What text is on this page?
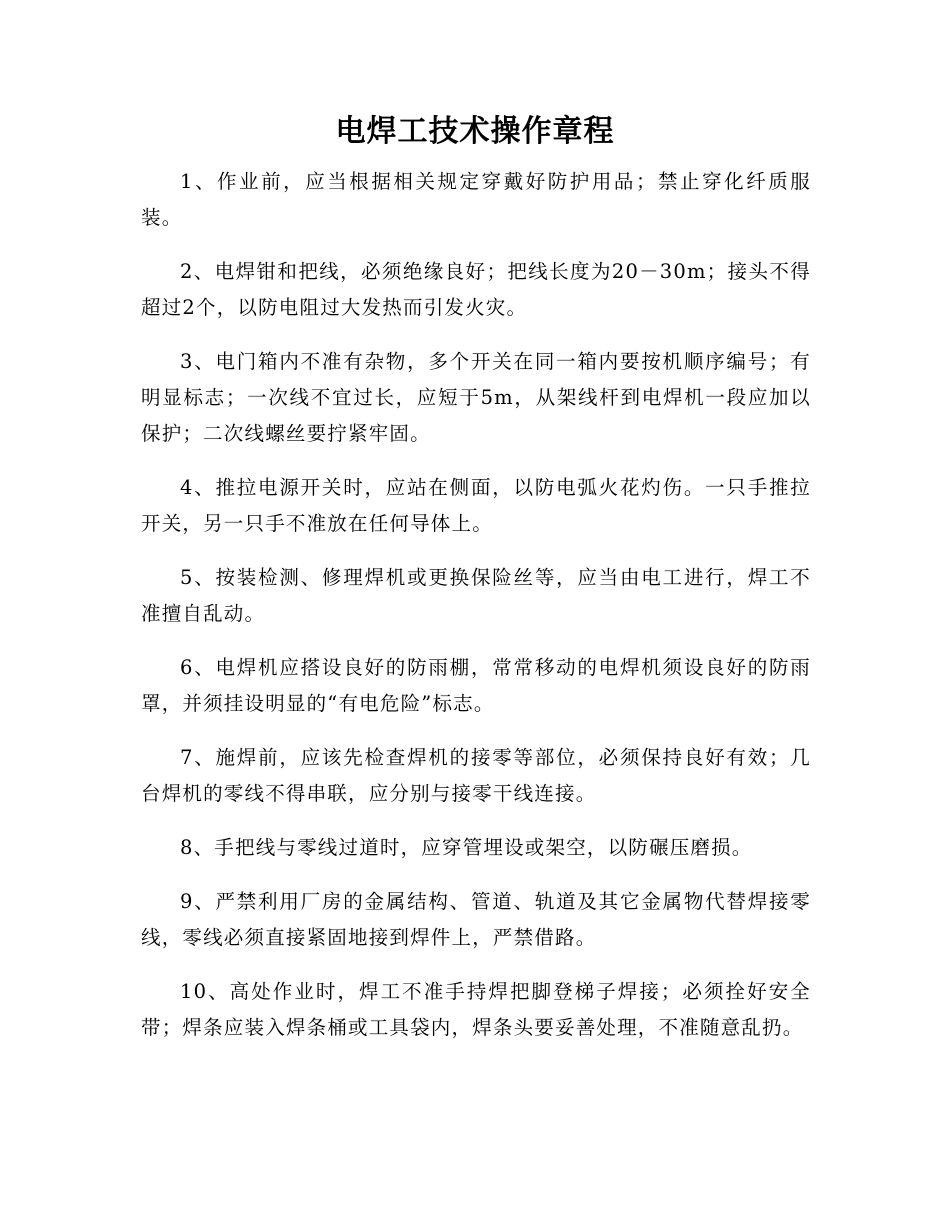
电焊工技术操作章程

1、作业前，应当根据相关规定穿戴好防护用品；禁止穿化纤质服装。

2、电焊钳和把线，必须绝缘良好；把线长度为20－30m；接头不得超过2个，以防电阻过大发热而引发火灾。

3、电门箱内不准有杂物，多个开关在同一箱内要按机顺序编号；有明显标志；一次线不宜过长，应短于5m，从架线杆到电焊机一段应加以保护；二次线螺丝要拧紧牢固。

4、推拉电源开关时，应站在侧面，以防电弧火花灼伤。一只手推拉开关，另一只手不准放在任何导体上。

5、按装检测、修理焊机或更换保险丝等，应当由电工进行，焊工不准擅自乱动。

6、电焊机应搭设良好的防雨棚，常常移动的电焊机须设良好的防雨罩，并须挂设明显的“有电危险”标志。

7、施焊前，应该先检查焊机的接零等部位，必须保持良好有效；几台焊机的零线不得串联，应分别与接零干线连接。

8、手把线与零线过道时，应穿管埋设或架空，以防碾压磨损。

9、严禁利用厂房的金属结构、管道、轨道及其它金属物代替焊接零线，零线必须直接紧固地接到焊件上，严禁借路。

10、高处作业时，焊工不准手持焊把脚登梯子焊接；必须拴好安全带；焊条应装入焊条桶或工具袋内，焊条头要妥善处理，不准随意乱扔。
